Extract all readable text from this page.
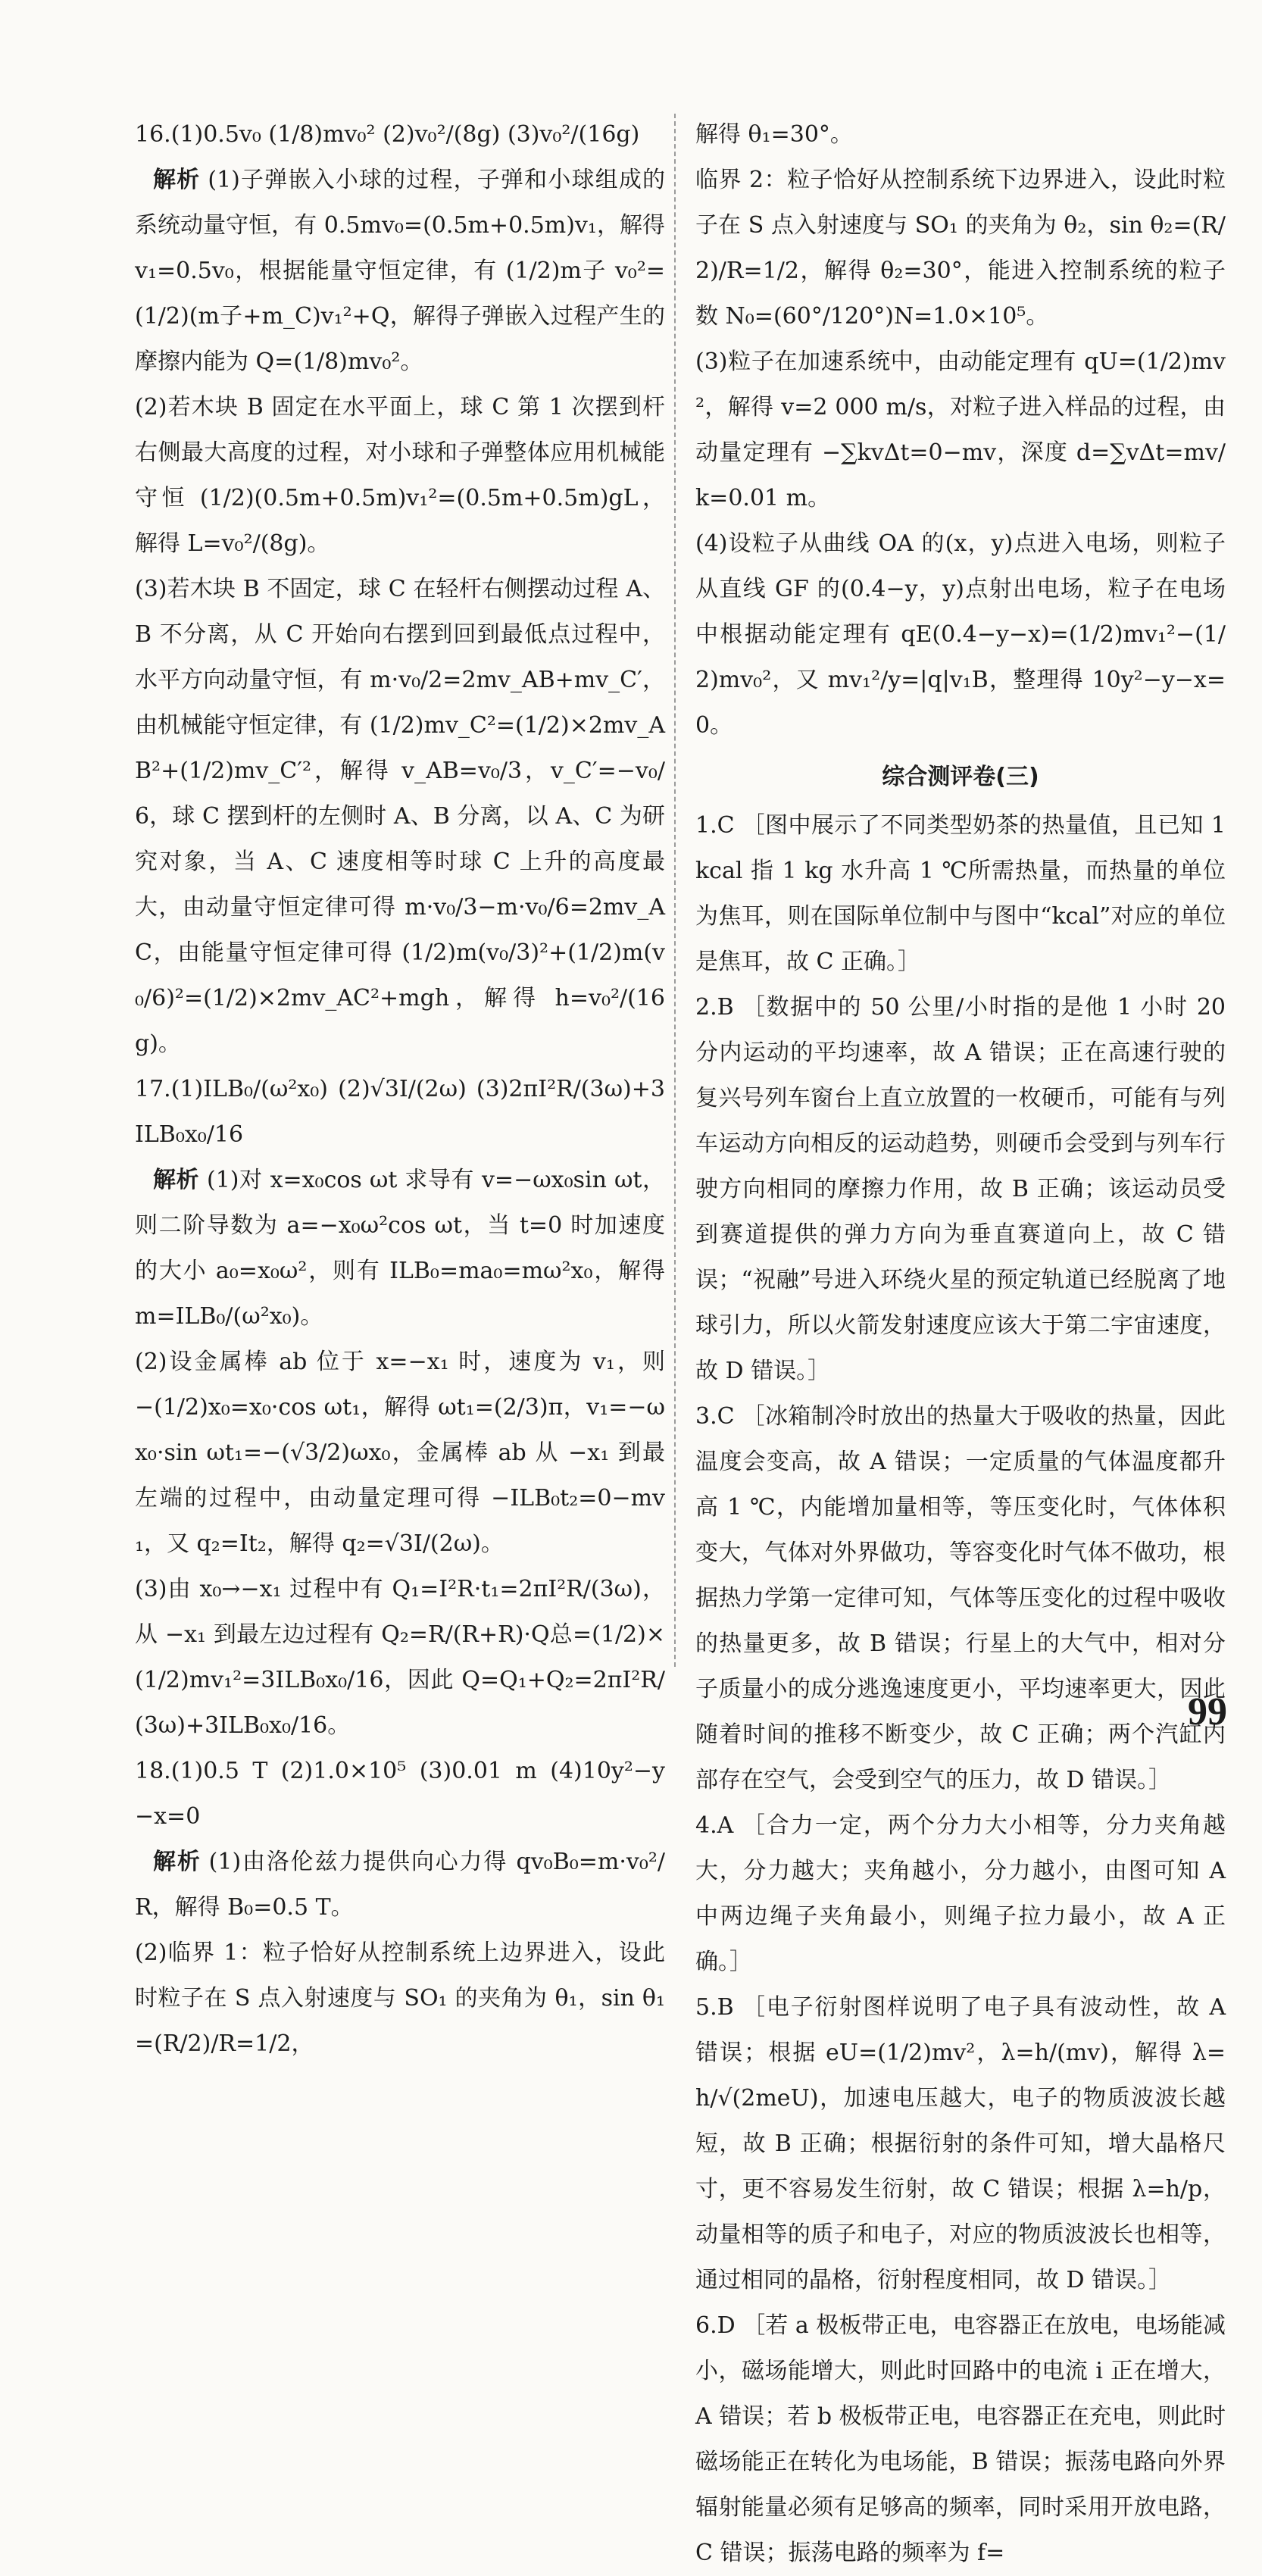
16.(1)0.5v₀ (1/8)mv₀² (2)v₀²/(8g) (3)v₀²/(16g)

解析 (1)子弹嵌入小球的过程，子弹和小球组成的系统动量守恒，有 0.5mv₀=(0.5m+0.5m)v₁，解得 v₁=0.5v₀，根据能量守恒定律，有 (1/2)m子 v₀²=(1/2)(m子+m_C)v₁²+Q，解得子弹嵌入过程产生的摩擦内能为 Q=(1/8)mv₀²。

(2)若木块 B 固定在水平面上，球 C 第 1 次摆到杆右侧最大高度的过程，对小球和子弹整体应用机械能守恒 (1/2)(0.5m+0.5m)v₁²=(0.5m+0.5m)gL，解得 L=v₀²/(8g)。

(3)若木块 B 不固定，球 C 在轻杆右侧摆动过程 A、B 不分离，从 C 开始向右摆到回到最低点过程中，水平方向动量守恒，有 m·v₀/2=2mv_AB+mv_C′，由机械能守恒定律，有 (1/2)mv_C²=(1/2)×2mv_AB²+(1/2)mv_C′²，解得 v_AB=v₀/3，v_C′=−v₀/6，球 C 摆到杆的左侧时 A、B 分离，以 A、C 为研究对象，当 A、C 速度相等时球 C 上升的高度最大，由动量守恒定律可得 m·v₀/3−m·v₀/6=2mv_AC，由能量守恒定律可得 (1/2)m(v₀/3)²+(1/2)m(v₀/6)²=(1/2)×2mv_AC²+mgh，解得 h=v₀²/(16g)。

17.(1)ILB₀/(ω²x₀) (2)√3I/(2ω) (3)2πI²R/(3ω)+3ILB₀x₀/16

解析 (1)对 x=x₀cos ωt 求导有 v=−ωx₀sin ωt，则二阶导数为 a=−x₀ω²cos ωt，当 t=0 时加速度的大小 a₀=x₀ω²，则有 ILB₀=ma₀=mω²x₀，解得 m=ILB₀/(ω²x₀)。

(2)设金属棒 ab 位于 x=−x₁ 时，速度为 v₁，则 −(1/2)x₀=x₀·cos ωt₁，解得 ωt₁=(2/3)π，v₁=−ωx₀·sin ωt₁=−(√3/2)ωx₀，金属棒 ab 从 −x₁ 到最左端的过程中，由动量定理可得 −ILB₀t₂=0−mv₁，又 q₂=It₂，解得 q₂=√3I/(2ω)。

(3)由 x₀→−x₁ 过程中有 Q₁=I²R·t₁=2πI²R/(3ω)，从 −x₁ 到最左边过程有 Q₂=R/(R+R)·Q总=(1/2)×(1/2)mv₁²=3ILB₀x₀/16，因此 Q=Q₁+Q₂=2πI²R/(3ω)+3ILB₀x₀/16。

18.(1)0.5 T (2)1.0×10⁵ (3)0.01 m (4)10y²−y−x=0

解析 (1)由洛伦兹力提供向心力得 qv₀B₀=m·v₀²/R，解得 B₀=0.5 T。

(2)临界 1：粒子恰好从控制系统上边界进入，设此时粒子在 S 点入射速度与 SO₁ 的夹角为 θ₁，sin θ₁=(R/2)/R=1/2，

解得 θ₁=30°。

临界 2：粒子恰好从控制系统下边界进入，设此时粒子在 S 点入射速度与 SO₁ 的夹角为 θ₂，sin θ₂=(R/2)/R=1/2，解得 θ₂=30°，能进入控制系统的粒子数 N₀=(60°/120°)N=1.0×10⁵。

(3)粒子在加速系统中，由动能定理有 qU=(1/2)mv²，解得 v=2 000 m/s，对粒子进入样品的过程，由动量定理有 −∑kvΔt=0−mv，深度 d=∑vΔt=mv/k=0.01 m。

(4)设粒子从曲线 OA 的(x，y)点进入电场，则粒子从直线 GF 的(0.4−y，y)点射出电场，粒子在电场中根据动能定理有 qE(0.4−y−x)=(1/2)mv₁²−(1/2)mv₀²，又 mv₁²/y=|q|v₁B，整理得 10y²−y−x=0。

综合测评卷(三)

1.C ［图中展示了不同类型奶茶的热量值，且已知 1 kcal 指 1 kg 水升高 1 ℃所需热量，而热量的单位为焦耳，则在国际单位制中与图中“kcal”对应的单位是焦耳，故 C 正确。］

2.B ［数据中的 50 公里/小时指的是他 1 小时 20 分内运动的平均速率，故 A 错误；正在高速行驶的复兴号列车窗台上直立放置的一枚硬币，可能有与列车运动方向相反的运动趋势，则硬币会受到与列车行驶方向相同的摩擦力作用，故 B 正确；该运动员受到赛道提供的弹力方向为垂直赛道向上，故 C 错误；“祝融”号进入环绕火星的预定轨道已经脱离了地球引力，所以火箭发射速度应该大于第二宇宙速度，故 D 错误。］

3.C ［冰箱制冷时放出的热量大于吸收的热量，因此温度会变高，故 A 错误；一定质量的气体温度都升高 1 ℃，内能增加量相等，等压变化时，气体体积变大，气体对外界做功，等容变化时气体不做功，根据热力学第一定律可知，气体等压变化的过程中吸收的热量更多，故 B 错误；行星上的大气中，相对分子质量小的成分逃逸速度更小，平均速率更大，因此随着时间的推移不断变少，故 C 正确；两个汽缸内部存在空气，会受到空气的压力，故 D 错误。］

4.A ［合力一定，两个分力大小相等，分力夹角越大，分力越大；夹角越小，分力越小，由图可知 A 中两边绳子夹角最小，则绳子拉力最小，故 A 正确。］

5.B ［电子衍射图样说明了电子具有波动性，故 A 错误；根据 eU=(1/2)mv²，λ=h/(mv)，解得 λ=h/√(2meU)，加速电压越大，电子的物质波波长越短，故 B 正确；根据衍射的条件可知，增大晶格尺寸，更不容易发生衍射，故 C 错误；根据 λ=h/p，动量相等的质子和电子，对应的物质波波长也相等，通过相同的晶格，衍射程度相同，故 D 错误。］

6.D ［若 a 极板带正电，电容器正在放电，电场能减小，磁场能增大，则此时回路中的电流 i 正在增大，A 错误；若 b 极板带正电，电容器正在充电，则此时磁场能正在转化为电场能，B 错误；振荡电路向外界辐射能量必须有足够高的频率，同时采用开放电路，C 错误；振荡电路的频率为 f=

99
